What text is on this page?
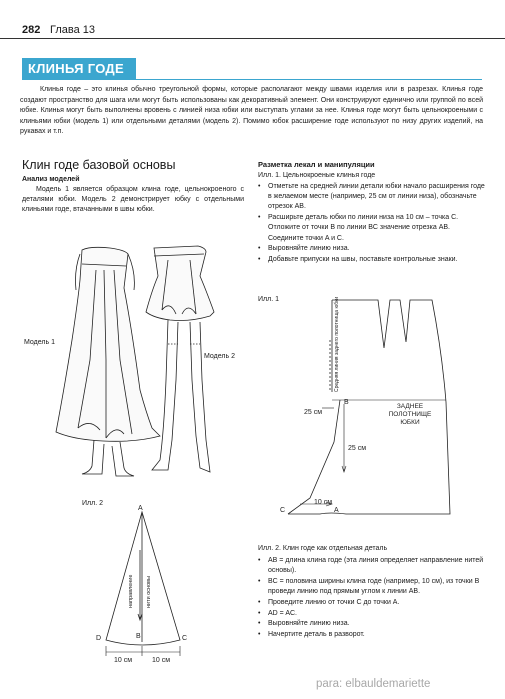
282 Глава 13
КЛИНЬЯ ГОДЕ

Клинья годе – это клинья обычно треугольной формы, которые располагают между швами изделия или в разрезах. Клинья годе создают пространство для шага или могут быть использованы как декоративный элемент. Они конструируют единично или группой по всей юбке. Клинья могут быть выполнены вровень с линией низа юбки или выступать углами за нее. Клинья годе могут быть цельнокроеными с клиньями юбки (модель 1) или отдельными деталями (модель 2). Помимо юбок расширение годе используют по низу других изделий, на рукавах и т.п.

Клин годе базовой основы
Анализ моделей

Модель 1 является образцом клина годе, цельнокроеного с деталями юбки. Модель 2 демонстрирует юбку с отдельными клиньями годе, втачанными в швы юбки.

Модель 1
Модель 2
Илл. 2
A
B	C
D
10 см	10 см
направление нити основы
Разметка лекал и манипуляции
Илл. 1. Цельнокроеные клинья годе
• Отметьте на средней линии детали юбки начало расширения годе в желаемом месте (например, 25 см от линии низа), обозначьте отрезок AB.
• Расширьте деталь юбки по линии низа на 10 см – точка C. Отложите от точки B по линии BC значение отрезка AB. Соедините точки A и C.
• Выровняйте линию низа.
• Добавьте припуски на швы, поставьте контрольные знаки.
Илл. 1	Средняя линия заднего полотнища юбки
ЗАДНЕЕ
ПОЛОТНИЩЕ
ЮБКИ
25 см
25 см
10 см
B
A
C
Илл. 2. Клин годе как отдельная деталь
• AB = длина клина годе (эта линия определяет направление нитей основы).
• BC = половина ширины клина годе (например, 10 см), из точки B проведи линию под прямым углом к линии AB.
• Проведите линию от точки C до точки A.
• AD = AC.
• Выровняйте линию низа.
• Начертите деталь в разворот.
para: elbauldemariette
